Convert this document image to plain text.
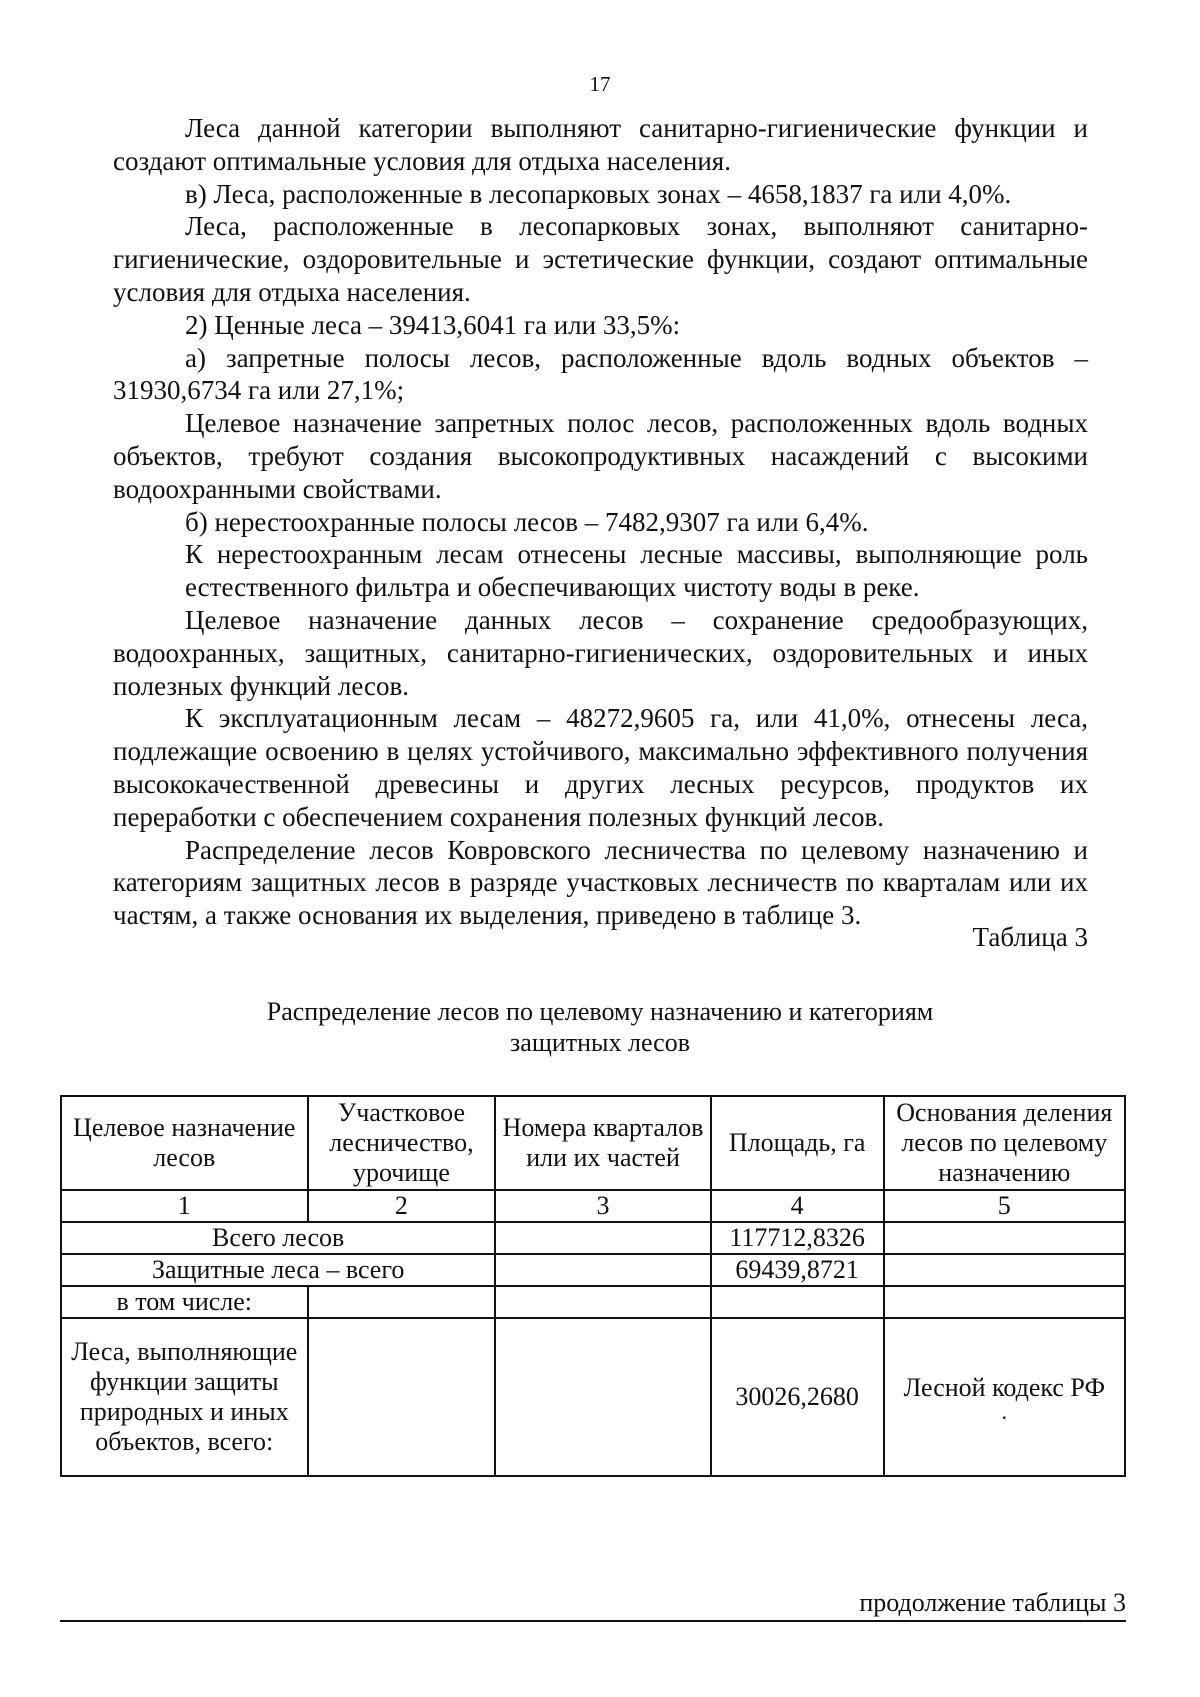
17

Леса данной категории выполняют санитарно-гигиенические функции и создают оптимальные условия для отдыха населения.

в) Леса, расположенные в лесопарковых зонах – 4658,1837 га или 4,0%.

Леса, расположенные в лесопарковых зонах, выполняют санитарно-гигиенические, оздоровительные и эстетические функции, создают оптимальные условия для отдыха населения.

2) Ценные леса – 39413,6041 га или 33,5%:

а) запретные полосы лесов, расположенные вдоль водных объектов – 31930,6734 га или 27,1%;

Целевое назначение запретных полос лесов, расположенных вдоль водных объектов, требуют создания высокопродуктивных насаждений с высокими водоохранными свойствами.

б) нерестоохранные полосы лесов – 7482,9307 га или 6,4%.

К нерестоохранным лесам отнесены лесные массивы, выполняющие роль естественного фильтра и обеспечивающих чистоту воды в реке.

Целевое назначение данных лесов – сохранение средообразующих, водоохранных, защитных, санитарно-гигиенических, оздоровительных и иных полезных функций лесов.

К эксплуатационным лесам – 48272,9605 га, или 41,0%, отнесены леса, подлежащие освоению в целях устойчивого, максимально эффективного получения высококачественной древесины и других лесных ресурсов, продуктов их переработки с обеспечением сохранения полезных функций лесов.

Распределение лесов Ковровского лесничества по целевому назначению и категориям защитных лесов в разряде участковых лесничеств по кварталам или их частям, а также основания их выделения, приведено в таблице 3.

Таблица 3
Распределение лесов по целевому назначению и категориям
защитных лесов
Целевое назначение лесов	Участковое лесничество, урочище	Номера кварталов или их частей	Площадь, га	Основания деления лесов по целевому назначению
1	2	3	4	5
Всего лесов			117712,8326	
Защитные леса – всего			69439,8721	
в том числе:				
Леса, выполняющие функции защиты природных и иных объектов, всего:			30026,2680	Лесной кодекс РФ
.
продолжение таблицы 3
